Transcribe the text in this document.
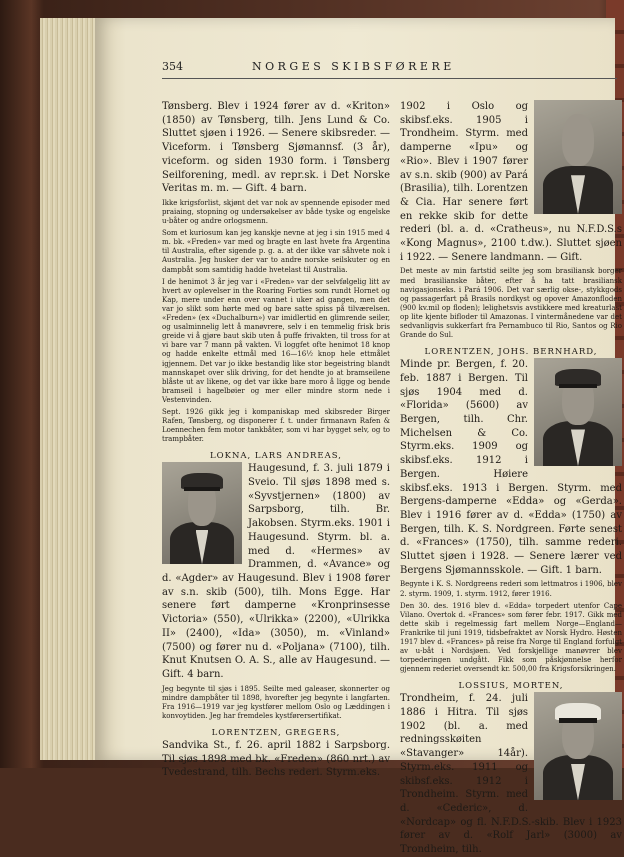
354	NORGES SKIBSFØRERE

Tønsberg. Blev i 1924 fører av d. «Kriton» (1850) av Tønsberg, tilh. Jens Lund & Co. Sluttet sjøen i 1926. — Senere skibsreder. — Viceform. i Tønsberg Sjømannsf. (3 år), viceform. og siden 1930 form. i Tønsberg Seilforening, medl. av repr.sk. i Det Norske Veritas m. m. — Gift. 4 barn.

Ikke krigsforlist, skjønt det var nok av spennende episoder med praiaing, stopning og undersøkelser av både tyske og engelske u-båter og andre orlogsmenn.

Som et kuriosum kan jeg kanskje nevne at jeg i sin 1915 med 4 m. bk. «Freden» var med og bragte en last hvete fra Argentina til Australia, efter sigende p. g. a. at der ikke var såhvete nok i Australia. Jeg husker der var to andre norske seilskuter og en dampbåt som samtidig hadde hvetelast til Australia.

I de henimot 3 år jeg var i «Freden» var der selvfølgelig litt av hvert av oplevelser in the Roaring Forties som rundt Hornet og Kap, mere under enn over vannet i uker ad gangen, men det var jo slikt som hørte med og bare satte spiss på tilværelsen. «Freden» (ex «Duchalburn») var imidlertid en glimrende seiler, og usalminnelig lett å manøvrere, selv i en temmelig frisk bris greide vi å gjøre baut skib uten å puffe frivakten, til tross for at vi bare var 7 mann på vakten. Vi loggfet ofte henimot 18 knop og hadde enkelte ettmål med 16—16½ knop hele ettmålet igjennem. Det var jo ikke bestandig like stor begeistring blandt mannskapet over slik driving, for det hendte jo at bramseilene blåste ut av likene, og det var ikke bare moro å ligge og bende bramseil i hagelbøier og mer eller mindre storm nede i Vestenvinden.

Sept. 1926 gikk jeg i kompaniskap med skibsreder Birger Rafen, Tønsberg, og disponerer f. t. under firmanavn Rafen & Loennechen fem motor tankbåter, som vi har bygget selv, og to trampbåter.

LOKNA, LARS ANDREAS,

Haugesund, f. 3. juli 1879 i Sveio. Til sjøs 1898 med s. «Syvstjernen» (1800) av Sarpsborg, tilh. Br. Jakobsen. Styrm.eks. 1901 i Haugesund. Styrm. bl. a. med d. «Hermes» av Drammen, d. «Avance» og d. «Agder» av Haugesund. Blev i 1908 fører av s.n. skib (500), tilh. Mons Egge. Har senere ført damperne «Kronprinsesse Victoria» (550), «Ulrikka» (2200), «Ulrikka II» (2400), «Ida» (3050), m. «Vinland» (7500) og fører nu d. «Poljana» (7100), tilh. Knut Knutsen O. A. S., alle av Haugesund. — Gift. 4 barn.

Jeg begynte til sjøs i 1895. Seilte med galeaser, skonnerter og mindre dampbåter til 1898, hvorefter jeg begynte i langfarten. Fra 1916—1919 var jeg kystfører mellom Oslo og Læddingen i konvoytiden. Jeg har fremdeles kystførersertifikat.

LORENTZEN, GREGERS,

Sandvika St., f. 26. april 1882 i Sarpsborg. Til sjøs 1898 med bk. «Freden» (860 nrt.) av Tvedestrand, tilh. Bechs rederi. Styrm.eks.

1902 i Oslo og skibsf.eks. 1905 i Trondheim. Styrm. med damperne «Ipu» og «Rio». Blev i 1907 fører av s.n. skib (900) av Pará (Brasilia), tilh. Lorentzen & Cia. Har senere ført en rekke skib for dette rederi (bl. a. d. «Cratheus», nu N.F.D.S.s «Kong Magnus», 2100 t.dw.). Sluttet sjøen i 1922. — Senere landmann. — Gift.

Det meste av min fartstid seilte jeg som brasiliansk borger med brasilianske båter, efter å ha tatt brasiliansk navigasjonseks. i Pará 1906. Det var særlig okse-, stykkgods og passagerfart på Brasils nordkyst og opover Amazonfloden (900 kv.mil op floden); lelighetsvis avstikkere med kreaturlast op lite kjente bifloder til Amazonas. I vintermånedene var det sedvanligvis sukkerfart fra Pernambuco til Rio, Santos og Rio Grande do Sul.

LORENTZEN, JOHS. BERNHARD,

Minde pr. Bergen, f. 20. feb. 1887 i Bergen. Til sjøs 1904 med d. «Florida» (5600) av Bergen, tilh. Chr. Michelsen & Co. Styrm.eks. 1909 og skibsf.eks. 1912 i Bergen. Høiere skibsf.eks. 1913 i Bergen. Styrm. med Bergens-damperne «Edda» og «Gerda». Blev i 1916 fører av d. «Edda» (1750) av Bergen, tilh. K. S. Nordgreen. Førte senest d. «Frances» (1750), tilh. samme rederi. Sluttet sjøen i 1928. — Senere lærer ved Bergens Sjømannsskole. — Gift. 1 barn.

Begynte i K. S. Nordgreens rederi som lettmatros i 1906, blev 2. styrm. 1909, 1. styrm. 1912, fører 1916.

Den 30. des. 1916 blev d. «Edda» torpedert utenfor Cape Vilano. Overtok d. «Frances» som fører febr. 1917. Gikk med dette skib i regelmessig fart mellem Norge—England—Frankrike til juni 1919, tidsbefraktet av Norsk Hydro. Høsten 1917 blev d. «Frances» på reise fra Norge til England forfulgt av u-båt i Nordsjøen. Ved forskjellige manøvrer blev torpederingen undgått. Fikk som påskjønnelse herfor gjennem rederiet oversendt kr. 500,00 fra Krigsforsikringen.

LOSSIUS, MORTEN,

Trondheim, f. 24. juli 1886 i Hitra. Til sjøs 1902 (bl. a. med redningsskøiten «Stavanger» 14år). Styrm.eks. 1911 og skibsf.eks. 1912 i Trondheim. Styrm. med d. «Cederic», d. «Nordcap» og fl. N.F.D.S.-skib. Blev i 1923 fører av d. «Rolf Jarl» (3000) av Trondheim, tilh.
